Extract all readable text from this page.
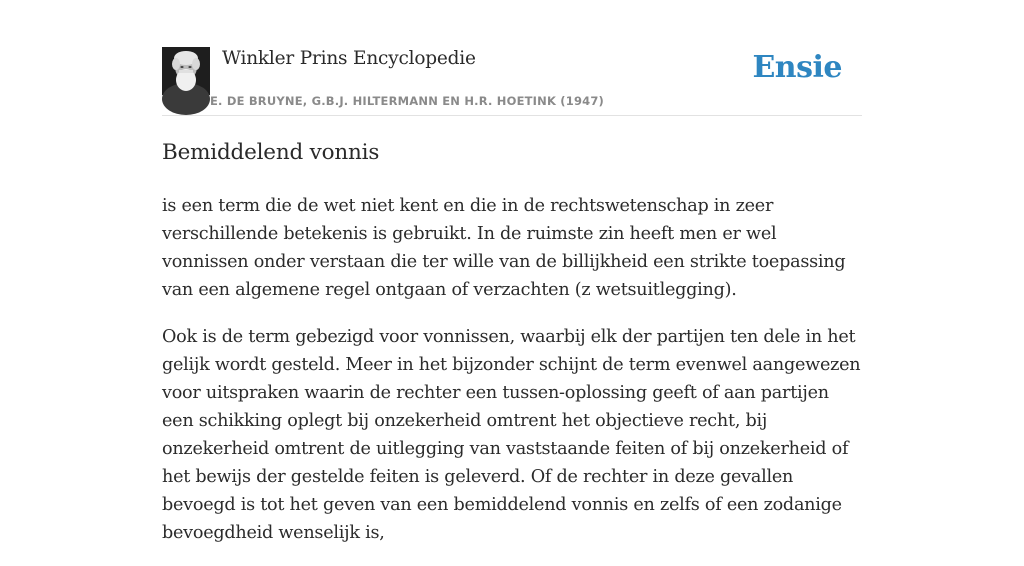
Winkler Prins Encyclopedie
E. DE BRUYNE, G.B.J. HILTERMANN EN H.R. HOETINK (1947)
Ensie
Bemiddelend vonnis

is een term die de wet niet kent en die in de rechtswetenschap in zeer verschillende betekenis is gebruikt. In de ruimste zin heeft men er wel vonnissen onder verstaan die ter wille van de billijkheid een strikte toepassing van een algemene regel ontgaan of verzachten (z wetsuitlegging).

Ook is de term gebezigd voor vonnissen, waarbij elk der partijen ten dele in het gelijk wordt gesteld. Meer in het bijzonder schijnt de term evenwel aangewezen voor uitspraken waarin de rechter een tussen-oplossing geeft of aan partijen een schikking oplegt bij onzekerheid omtrent het objectieve recht, bij onzekerheid omtrent de uitlegging van vaststaande feiten of bij onzekerheid of het bewijs der gestelde feiten is geleverd. Of de rechter in deze gevallen bevoegd is tot het geven van een bemiddelend vonnis en zelfs of een zodanige bevoegdheid wenselijk is,
